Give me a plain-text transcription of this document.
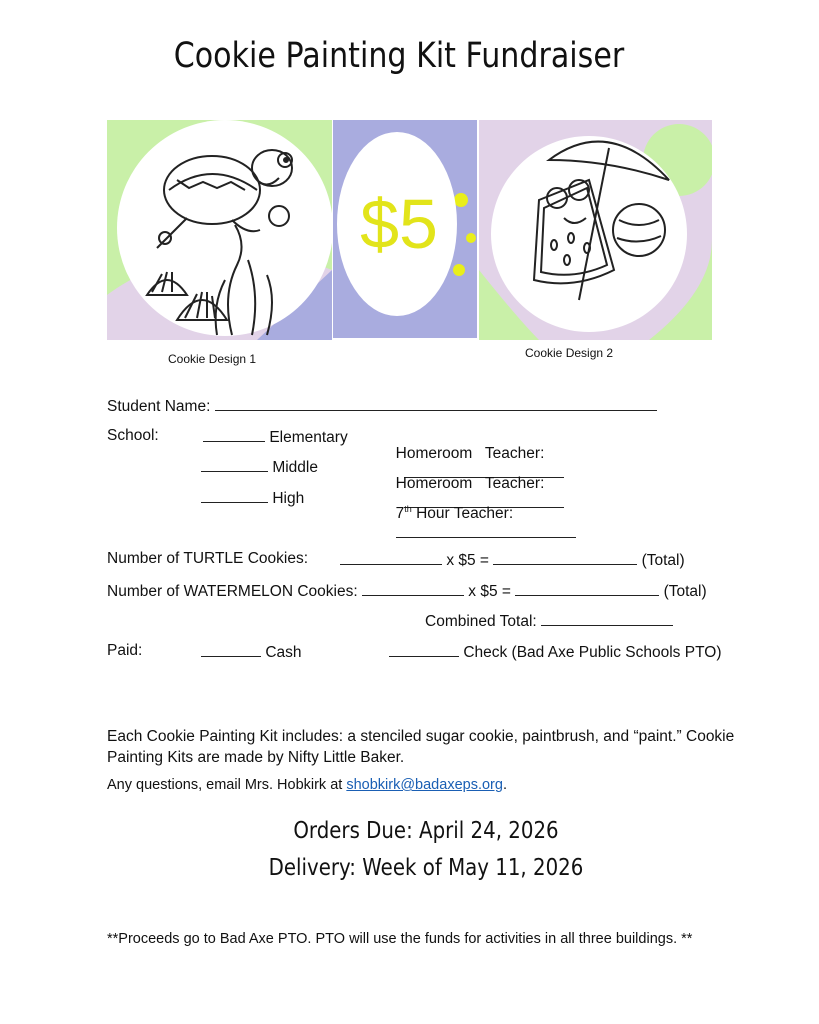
Cookie Painting Kit Fundraiser
$5
Cookie Design 1	Cookie Design 2
Student Name:
School:	Elementary
Middle
High

Homeroom   Teacher:

Homeroom   Teacher:

7th Hour Teacher:

Number of TURTLE Cookies:	x $5 =	(Total)
Number of WATERMELON Cookies:	x $5 =	(Total)
Combined Total:
Paid:	Cash	Check (Bad Axe Public Schools PTO)
Each Cookie Painting Kit includes: a stenciled sugar cookie, paintbrush, and “paint.” Cookie Painting Kits are made by Nifty Little Baker.
Any questions, email Mrs. Hobkirk at shobkirk@badaxeps.org.
Orders Due: April 24, 2026
Delivery: Week of May 11, 2026
**Proceeds go to Bad Axe PTO. PTO will use the funds for activities in all three buildings. **
